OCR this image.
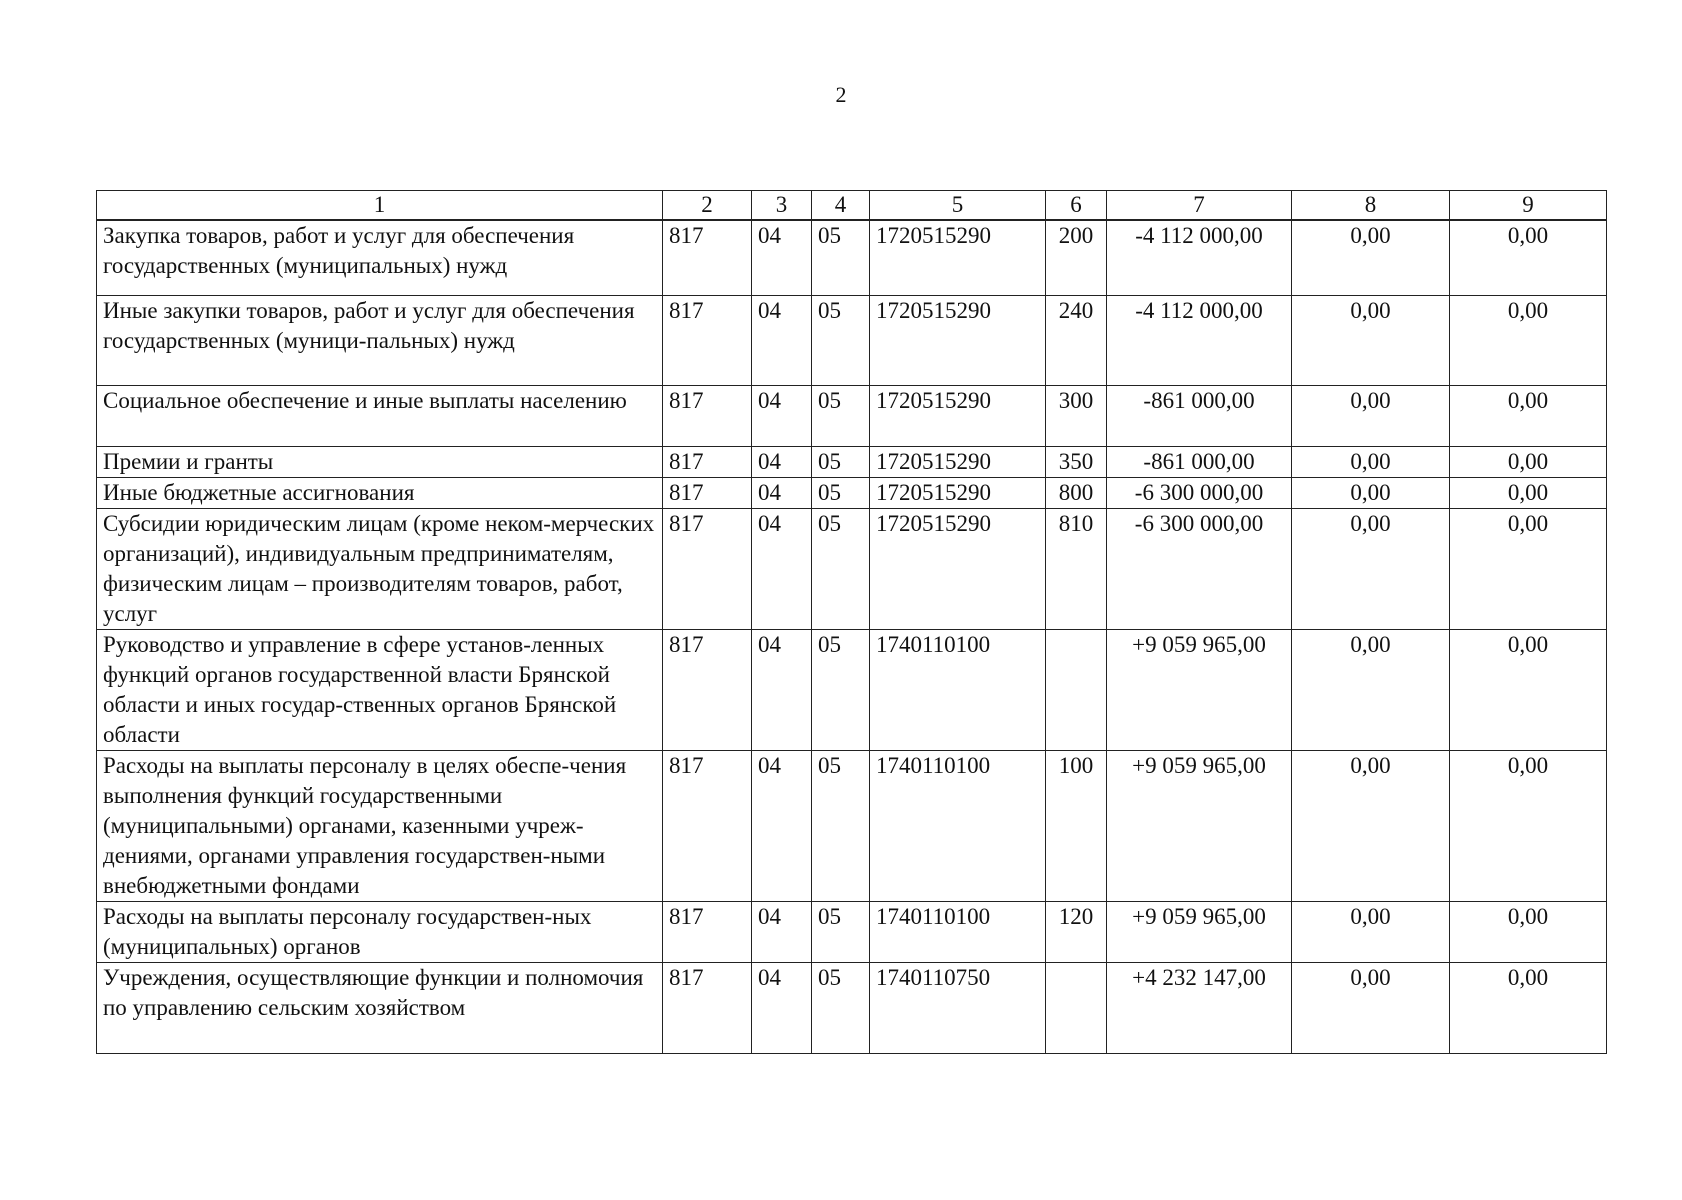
2
1	2	3	4	5	6	7	8	9
Закупка товаров, работ и услуг для обеспечения государственных (муниципальных) нужд	817	04	05	1720515290	200	-4 112 000,00	0,00	0,00
Иные закупки товаров, работ и услуг для обеспечения государственных (муници-пальных) нужд	817	04	05	1720515290	240	-4 112 000,00	0,00	0,00
Социальное обеспечение и иные выплаты населению	817	04	05	1720515290	300	-861 000,00	0,00	0,00
Премии и гранты	817	04	05	1720515290	350	-861 000,00	0,00	0,00
Иные бюджетные ассигнования	817	04	05	1720515290	800	-6 300 000,00	0,00	0,00
Субсидии юридическим лицам (кроме неком-мерческих организаций), индивидуальным предпринимателям, физическим лицам – производителям товаров, работ, услуг	817	04	05	1720515290	810	-6 300 000,00	0,00	0,00
Руководство и управление в сфере установ-ленных функций органов государственной власти Брянской области и иных государ-ственных органов Брянской области	817	04	05	1740110100		+9 059 965,00	0,00	0,00
Расходы на выплаты персоналу в целях обеспе-чения выполнения функций государственными (муниципальными) органами, казенными учреж-дениями, органами управления государствен-ными внебюджетными фондами	817	04	05	1740110100	100	+9 059 965,00	0,00	0,00
Расходы на выплаты персоналу государствен-ных (муниципальных) органов	817	04	05	1740110100	120	+9 059 965,00	0,00	0,00
Учреждения, осуществляющие функции и полномочия по управлению сельским хозяйством	817	04	05	1740110750		+4 232 147,00	0,00	0,00
